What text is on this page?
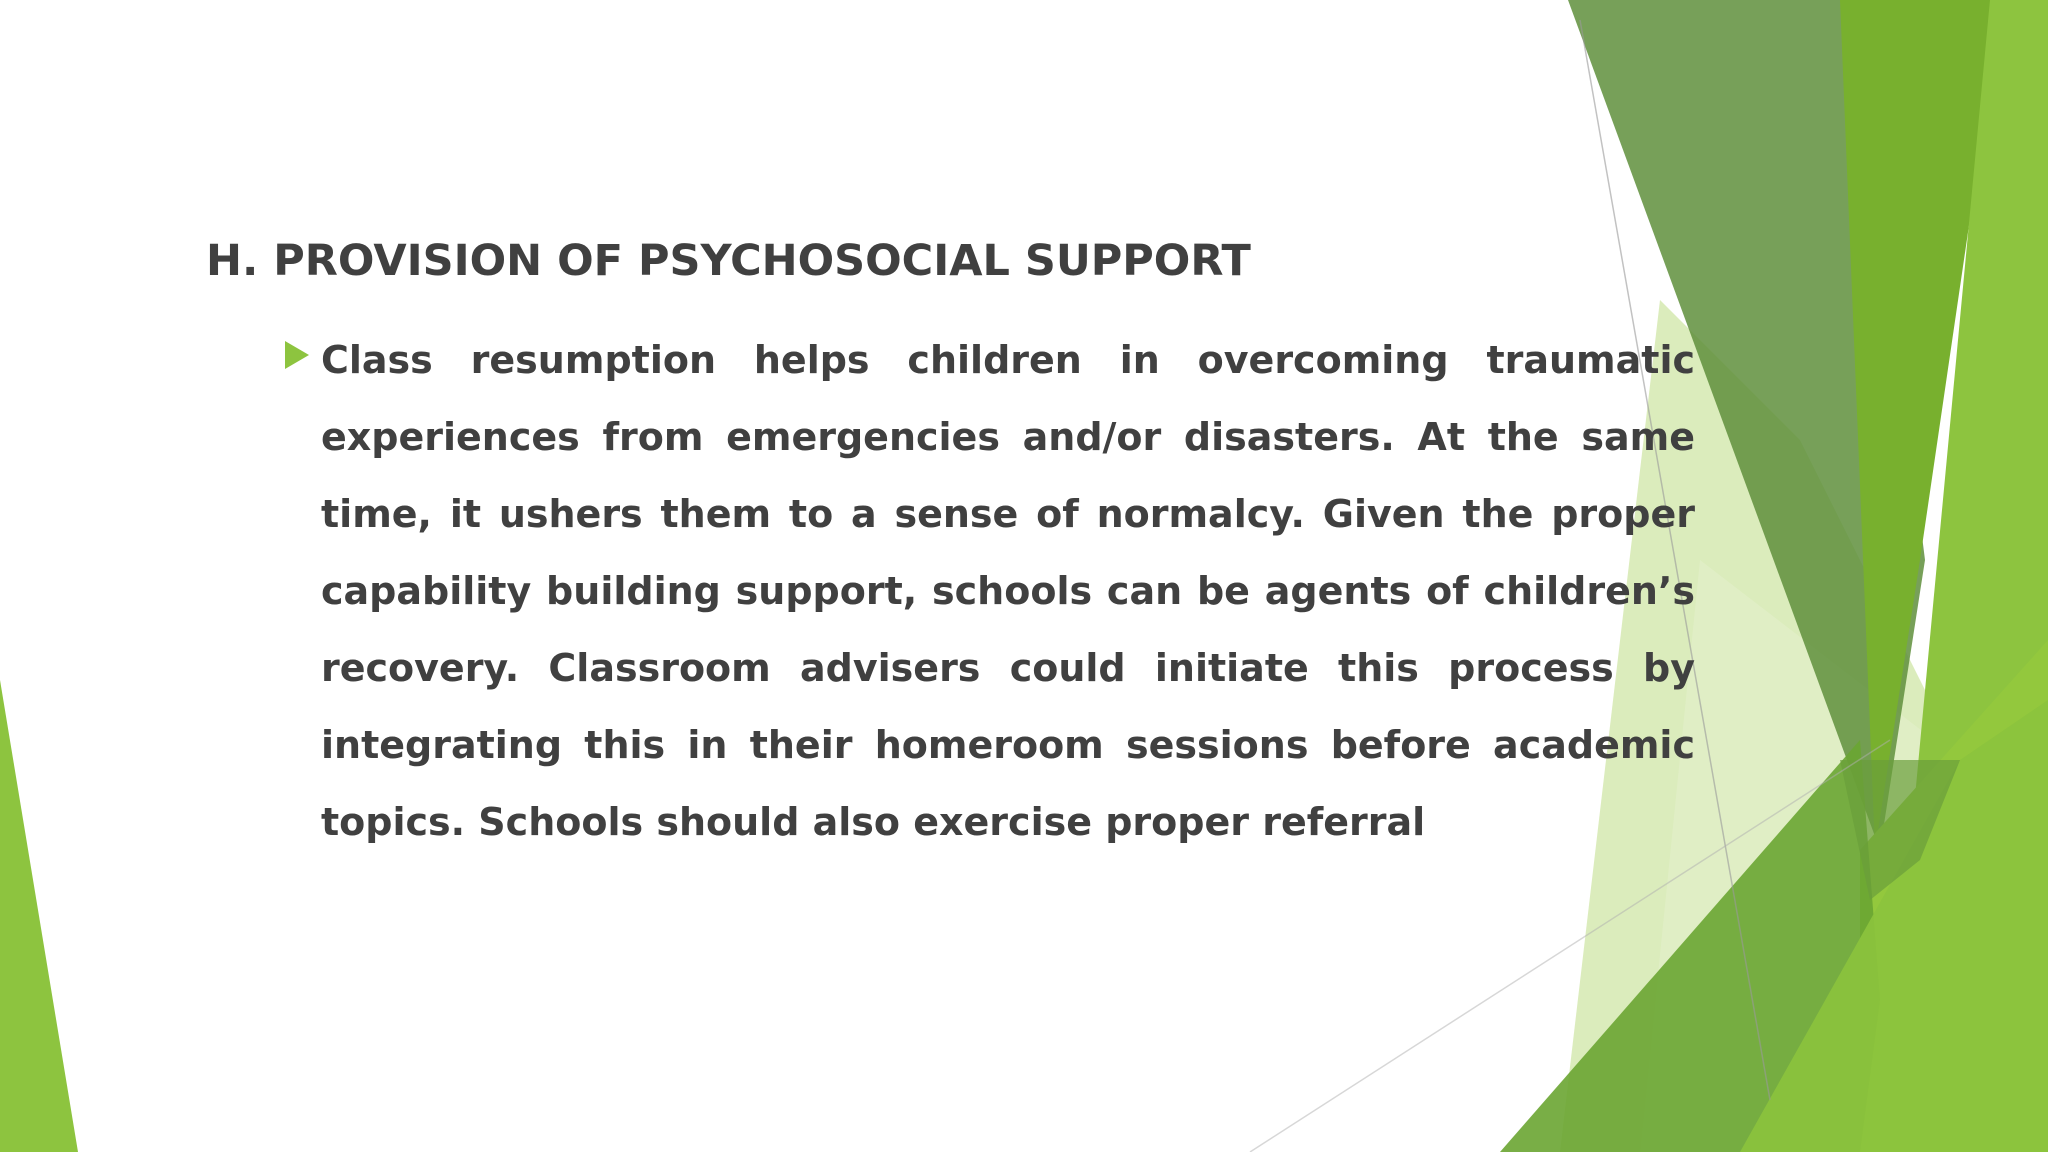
H. PROVISION OF PSYCHOSOCIAL SUPPORT

Class resumption helps children in overcoming traumatic experiences from emergencies and/or disasters. At the same time, it ushers them to a sense of normalcy. Given the proper capability building support, schools can be agents of children’s recovery. Classroom advisers could initiate this process by integrating this in their homeroom sessions before academic topics. Schools should also exercise proper referral
